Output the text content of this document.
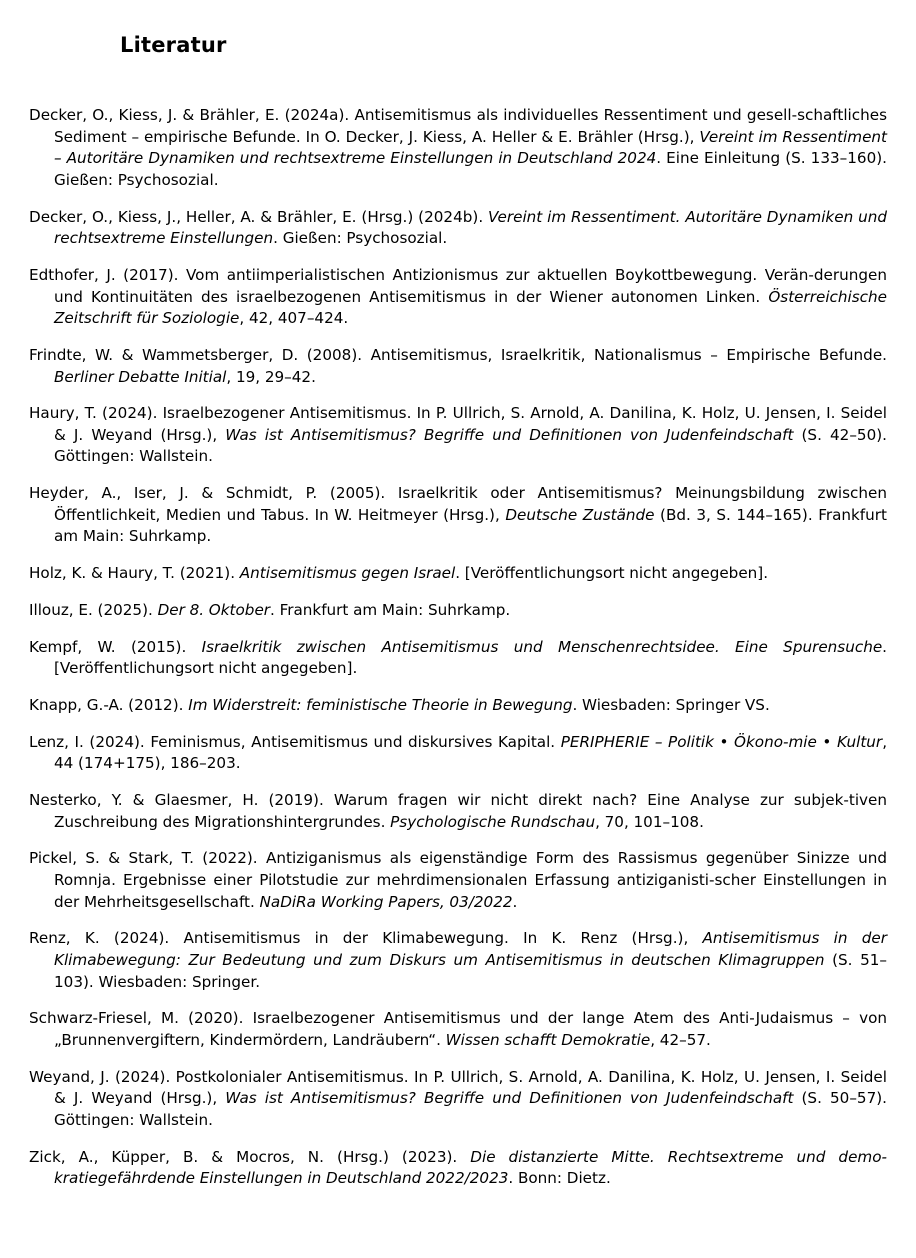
Literatur

Decker, O., Kiess, J. & Brähler, E. (2024a). Antisemitismus als individuelles Ressentiment und gesell-schaftliches Sediment – empirische Befunde. In O. Decker, J. Kiess, A. Heller & E. Brähler (Hrsg.), Vereint im Ressentiment – Autoritäre Dynamiken und rechtsextreme Einstellungen in Deutschland 2024. Eine Einleitung (S. 133–160). Gießen: Psychosozial.

Decker, O., Kiess, J., Heller, A. & Brähler, E. (Hrsg.) (2024b). Vereint im Ressentiment. Autoritäre Dynamiken und rechtsextreme Einstellungen. Gießen: Psychosozial.

Edthofer, J. (2017). Vom antiimperialistischen Antizionismus zur aktuellen Boykottbewegung. Verän-derungen und Kontinuitäten des israelbezogenen Antisemitismus in der Wiener autonomen Linken. Österreichische Zeitschrift für Soziologie, 42, 407–424.

Frindte, W. & Wammetsberger, D. (2008). Antisemitismus, Israelkritik, Nationalismus – Empirische Befunde. Berliner Debatte Initial, 19, 29–42.

Haury, T. (2024). Israelbezogener Antisemitismus. In P. Ullrich, S. Arnold, A. Danilina, K. Holz, U. Jensen, I. Seidel & J. Weyand (Hrsg.), Was ist Antisemitismus? Begriffe und Definitionen von Judenfeindschaft (S. 42–50). Göttingen: Wallstein.

Heyder, A., Iser, J. & Schmidt, P. (2005). Israelkritik oder Antisemitismus? Meinungsbildung zwischen Öffentlichkeit, Medien und Tabus. In W. Heitmeyer (Hrsg.), Deutsche Zustände (Bd. 3, S. 144–165). Frankfurt am Main: Suhrkamp.

Holz, K. & Haury, T. (2021). Antisemitismus gegen Israel. [Veröffentlichungsort nicht angegeben].

Illouz, E. (2025). Der 8. Oktober. Frankfurt am Main: Suhrkamp.

Kempf, W. (2015). Israelkritik zwischen Antisemitismus und Menschenrechtsidee. Eine Spurensuche. [Veröffentlichungsort nicht angegeben].

Knapp, G.-A. (2012). Im Widerstreit: feministische Theorie in Bewegung. Wiesbaden: Springer VS.

Lenz, I. (2024). Feminismus, Antisemitismus und diskursives Kapital. PERIPHERIE – Politik • Ökono-mie • Kultur, 44 (174+175), 186–203.

Nesterko, Y. & Glaesmer, H. (2019). Warum fragen wir nicht direkt nach? Eine Analyse zur subjek-tiven Zuschreibung des Migrationshintergrundes. Psychologische Rundschau, 70, 101–108.

Pickel, S. & Stark, T. (2022). Antiziganismus als eigenständige Form des Rassismus gegenüber Sinizze und Romnja. Ergebnisse einer Pilotstudie zur mehrdimensionalen Erfassung antiziganisti-scher Einstellungen in der Mehrheitsgesellschaft. NaDiRa Working Papers, 03/2022.

Renz, K. (2024). Antisemitismus in der Klimabewegung. In K. Renz (Hrsg.), Antisemitismus in der Klimabewegung: Zur Bedeutung und zum Diskurs um Antisemitismus in deutschen Klimagruppen (S. 51–103). Wiesbaden: Springer.

Schwarz-Friesel, M. (2020). Israelbezogener Antisemitismus und der lange Atem des Anti-Judaismus – von „Brunnenvergiftern, Kindermördern, Landräubern“. Wissen schafft Demokratie, 42–57.

Weyand, J. (2024). Postkolonialer Antisemitismus. In P. Ullrich, S. Arnold, A. Danilina, K. Holz, U. Jensen, I. Seidel & J. Weyand (Hrsg.), Was ist Antisemitismus? Begriffe und Definitionen von Judenfeindschaft (S. 50–57). Göttingen: Wallstein.

Zick, A., Küpper, B. & Mocros, N. (Hrsg.) (2023). Die distanzierte Mitte. Rechtsextreme und demo-kratiegefährdende Einstellungen in Deutschland 2022/2023. Bonn: Dietz.
